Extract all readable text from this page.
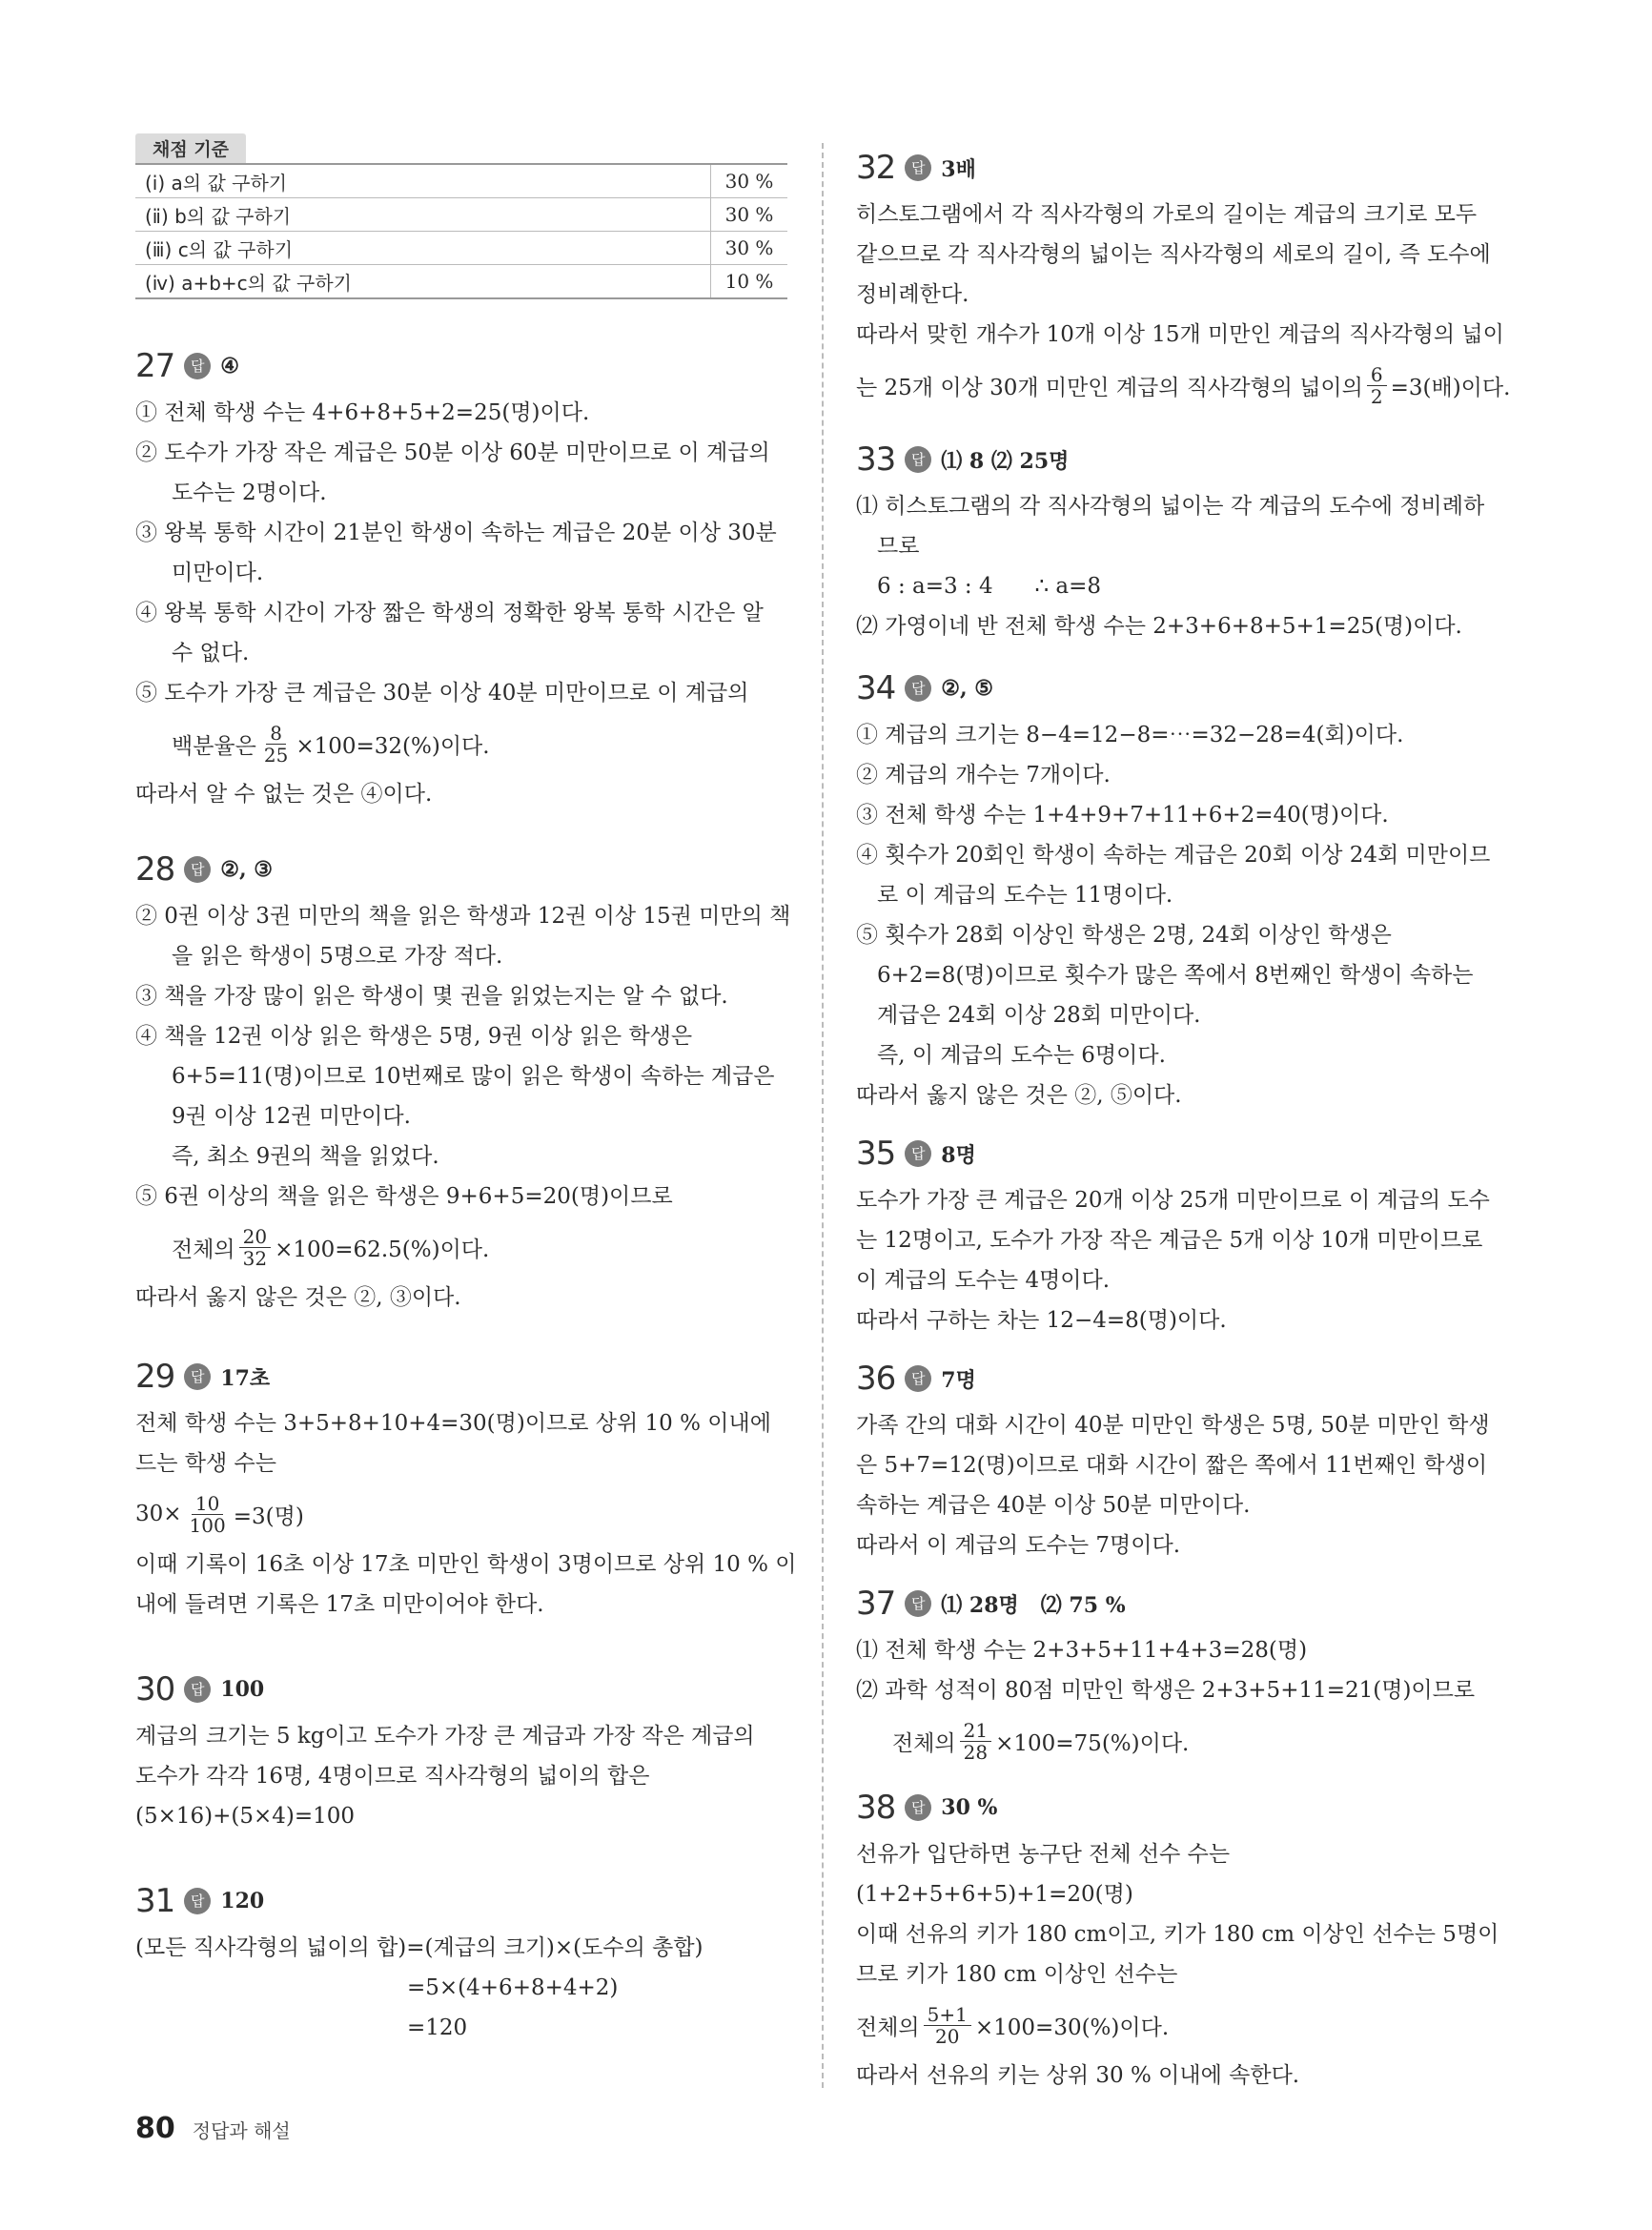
채점 기준
(ⅰ) a의 값 구하기	30 %
(ⅱ) b의 값 구하기	30 %
(ⅲ) c의 값 구하기	30 %
(ⅳ) a+b+c의 값 구하기	10 %
27	답 ④
① 전체 학생 수는 4+6+8+5+2=25(명)이다.
② 도수가 가장 작은 계급은 50분 이상 60분 미만이므로 이 계급의
도수는 2명이다.
③ 왕복 통학 시간이 21분인 학생이 속하는 계급은 20분 이상 30분
미만이다.
④ 왕복 통학 시간이 가장 짧은 학생의 정확한 왕복 통학 시간은 알
수 없다.
⑤ 도수가 가장 큰 계급은 30분 이상 40분 미만이므로 이 계급의
백분율은 $\frac{8}{25} \times 100=32(\%)$이다.
따라서 알 수 없는 것은 ④이다.
28	답 ②, ③
② 0권 이상 3권 미만의 책을 읽은 학생과 12권 이상 15권 미만의 책
을 읽은 학생이 5명으로 가장 적다.
③ 책을 가장 많이 읽은 학생이 몇 권을 읽었는지는 알 수 없다.
④ 책을 12권 이상 읽은 학생은 5명, 9권 이상 읽은 학생은
6+5=11(명)이므로 10번째로 많이 읽은 학생이 속하는 계급은
9권 이상 12권 미만이다.
즉, 최소 9권의 책을 읽었다.
⑤ 6권 이상의 책을 읽은 학생은 9+6+5=20(명)이므로
전체의 $\frac{20}{32} \times 100=62.5(\%)$이다.
따라서 옳지 않은 것은 ②, ③이다.
29	답 17초
전체 학생 수는 3+5+8+10+4=30(명)이므로 상위 10 % 이내에
드는 학생 수는
$30\times \frac{10}{100} =3$(명)
이때 기록이 16초 이상 17초 미만인 학생이 3명이므로 상위 10 % 이
내에 들려면 기록은 17초 미만이어야 한다.
30	답 100
계급의 크기는 5 kg이고 도수가 가장 큰 계급과 가장 작은 계급의
도수가 각각 16명, 4명이므로 직사각형의 넓이의 합은
(5×16)+(5×4)=100
31	답 120
(모든 직사각형의 넓이의 합)=(계급의 크기)×(도수의 총합)
=5×(4+6+8+4+2)
=120
32	답 3배
히스토그램에서 각 직사각형의 가로의 길이는 계급의 크기로 모두
같으므로 각 직사각형의 넓이는 직사각형의 세로의 길이, 즉 도수에
정비례한다.
따라서 맞힌 개수가 10개 이상 15개 미만인 계급의 직사각형의 넓이
는 25개 이상 30개 미만인 계급의 직사각형의 넓이의 $\frac{6}{2} =3$(배)이다.
33	답 ⑴ 8 ⑵ 25명
⑴ 히스토그램의 각 직사각형의 넓이는 각 계급의 도수에 정비례하
므로
6 : a=3 : 4      ∴ a=8
⑵ 가영이네 반 전체 학생 수는 2+3+6+8+5+1=25(명)이다.
34	답 ②, ⑤
① 계급의 크기는 8−4=12−8=⋯=32−28=4(회)이다.
② 계급의 개수는 7개이다.
③ 전체 학생 수는 1+4+9+7+11+6+2=40(명)이다.
④ 횟수가 20회인 학생이 속하는 계급은 20회 이상 24회 미만이므
로 이 계급의 도수는 11명이다.
⑤ 횟수가 28회 이상인 학생은 2명, 24회 이상인 학생은
6+2=8(명)이므로 횟수가 많은 쪽에서 8번째인 학생이 속하는
계급은 24회 이상 28회 미만이다.
즉, 이 계급의 도수는 6명이다.
따라서 옳지 않은 것은 ②, ⑤이다.
35	답 8명
도수가 가장 큰 계급은 20개 이상 25개 미만이므로 이 계급의 도수
는 12명이고, 도수가 가장 작은 계급은 5개 이상 10개 미만이므로
이 계급의 도수는 4명이다.
따라서 구하는 차는 12−4=8(명)이다.
36	답 7명
가족 간의 대화 시간이 40분 미만인 학생은 5명, 50분 미만인 학생
은 5+7=12(명)이므로 대화 시간이 짧은 쪽에서 11번째인 학생이
속하는 계급은 40분 이상 50분 미만이다.
따라서 이 계급의 도수는 7명이다.
37	답 ⑴ 28명   ⑵ 75 %
⑴ 전체 학생 수는 2+3+5+11+4+3=28(명)
⑵ 과학 성적이 80점 미만인 학생은 2+3+5+11=21(명)이므로
전체의 $\frac{21}{28} \times 100=75(\%)$이다.
38	답 30 %
선유가 입단하면 농구단 전체 선수 수는
(1+2+5+6+5)+1=20(명)
이때 선유의 키가 180 cm이고, 키가 180 cm 이상인 선수는 5명이
므로 키가 180 cm 이상인 선수는
전체의 $\frac{5+1}{20} \times 100=30(\%)$이다.
따라서 선유의 키는 상위 30 % 이내에 속한다.
80 정답과 해설
